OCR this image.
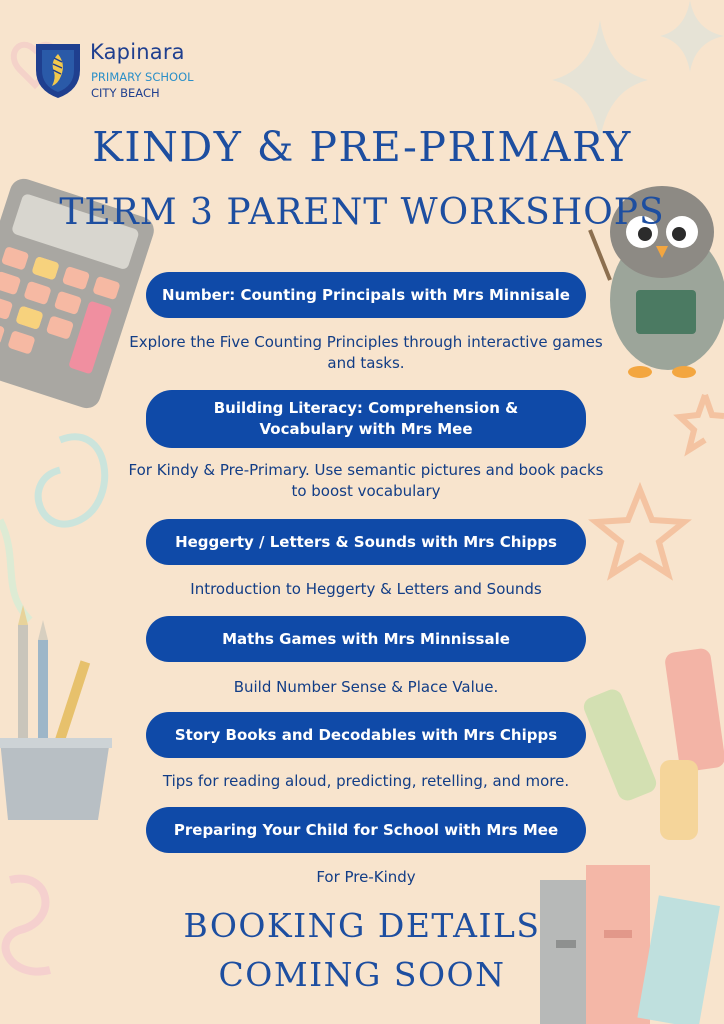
Kapinara
PRIMARY SCHOOL
CITY BEACH
KINDY & PRE-PRIMARY
TERM 3 PARENT WORKSHOPS
Number: Counting Principals with Mrs Minnisale
Explore the Five Counting Principles through interactive games and tasks.
Building Literacy: Comprehension & Vocabulary with Mrs Mee
For Kindy & Pre-Primary. Use semantic pictures and book packs to boost vocabulary
Heggerty / Letters & Sounds with Mrs Chipps
Introduction to Heggerty & Letters and Sounds
Maths Games with Mrs Minnissale
Build Number Sense & Place Value.
Story Books and Decodables with Mrs Chipps
Tips for reading aloud, predicting, retelling, and more.
Preparing Your Child for School with Mrs Mee
For Pre-Kindy
BOOKING DETAILS
COMING SOON
